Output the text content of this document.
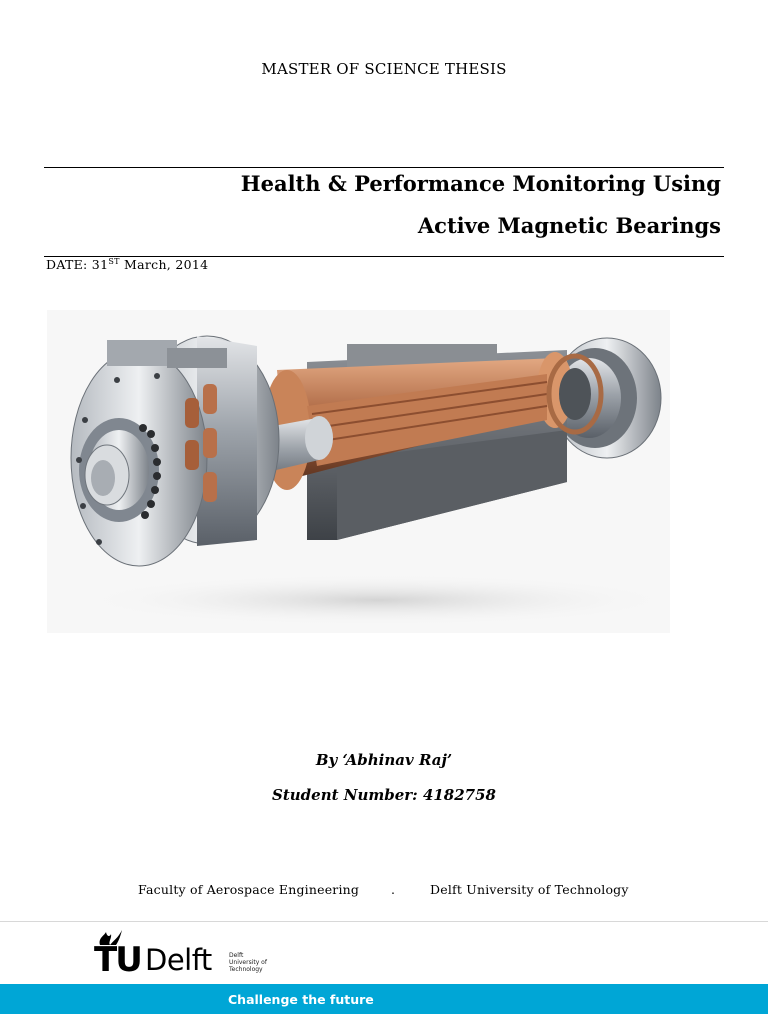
MASTER OF SCIENCE THESIS
Health & Performance Monitoring Using
Active Magnetic Bearings
DATE: 31ST March, 2014
By ‘Abhinav Raj’
Student Number: 4182758
Faculty of Aerospace Engineering	.	Delft University of Technology
TU Delft	Delft
University of
Technology
Challenge the future
